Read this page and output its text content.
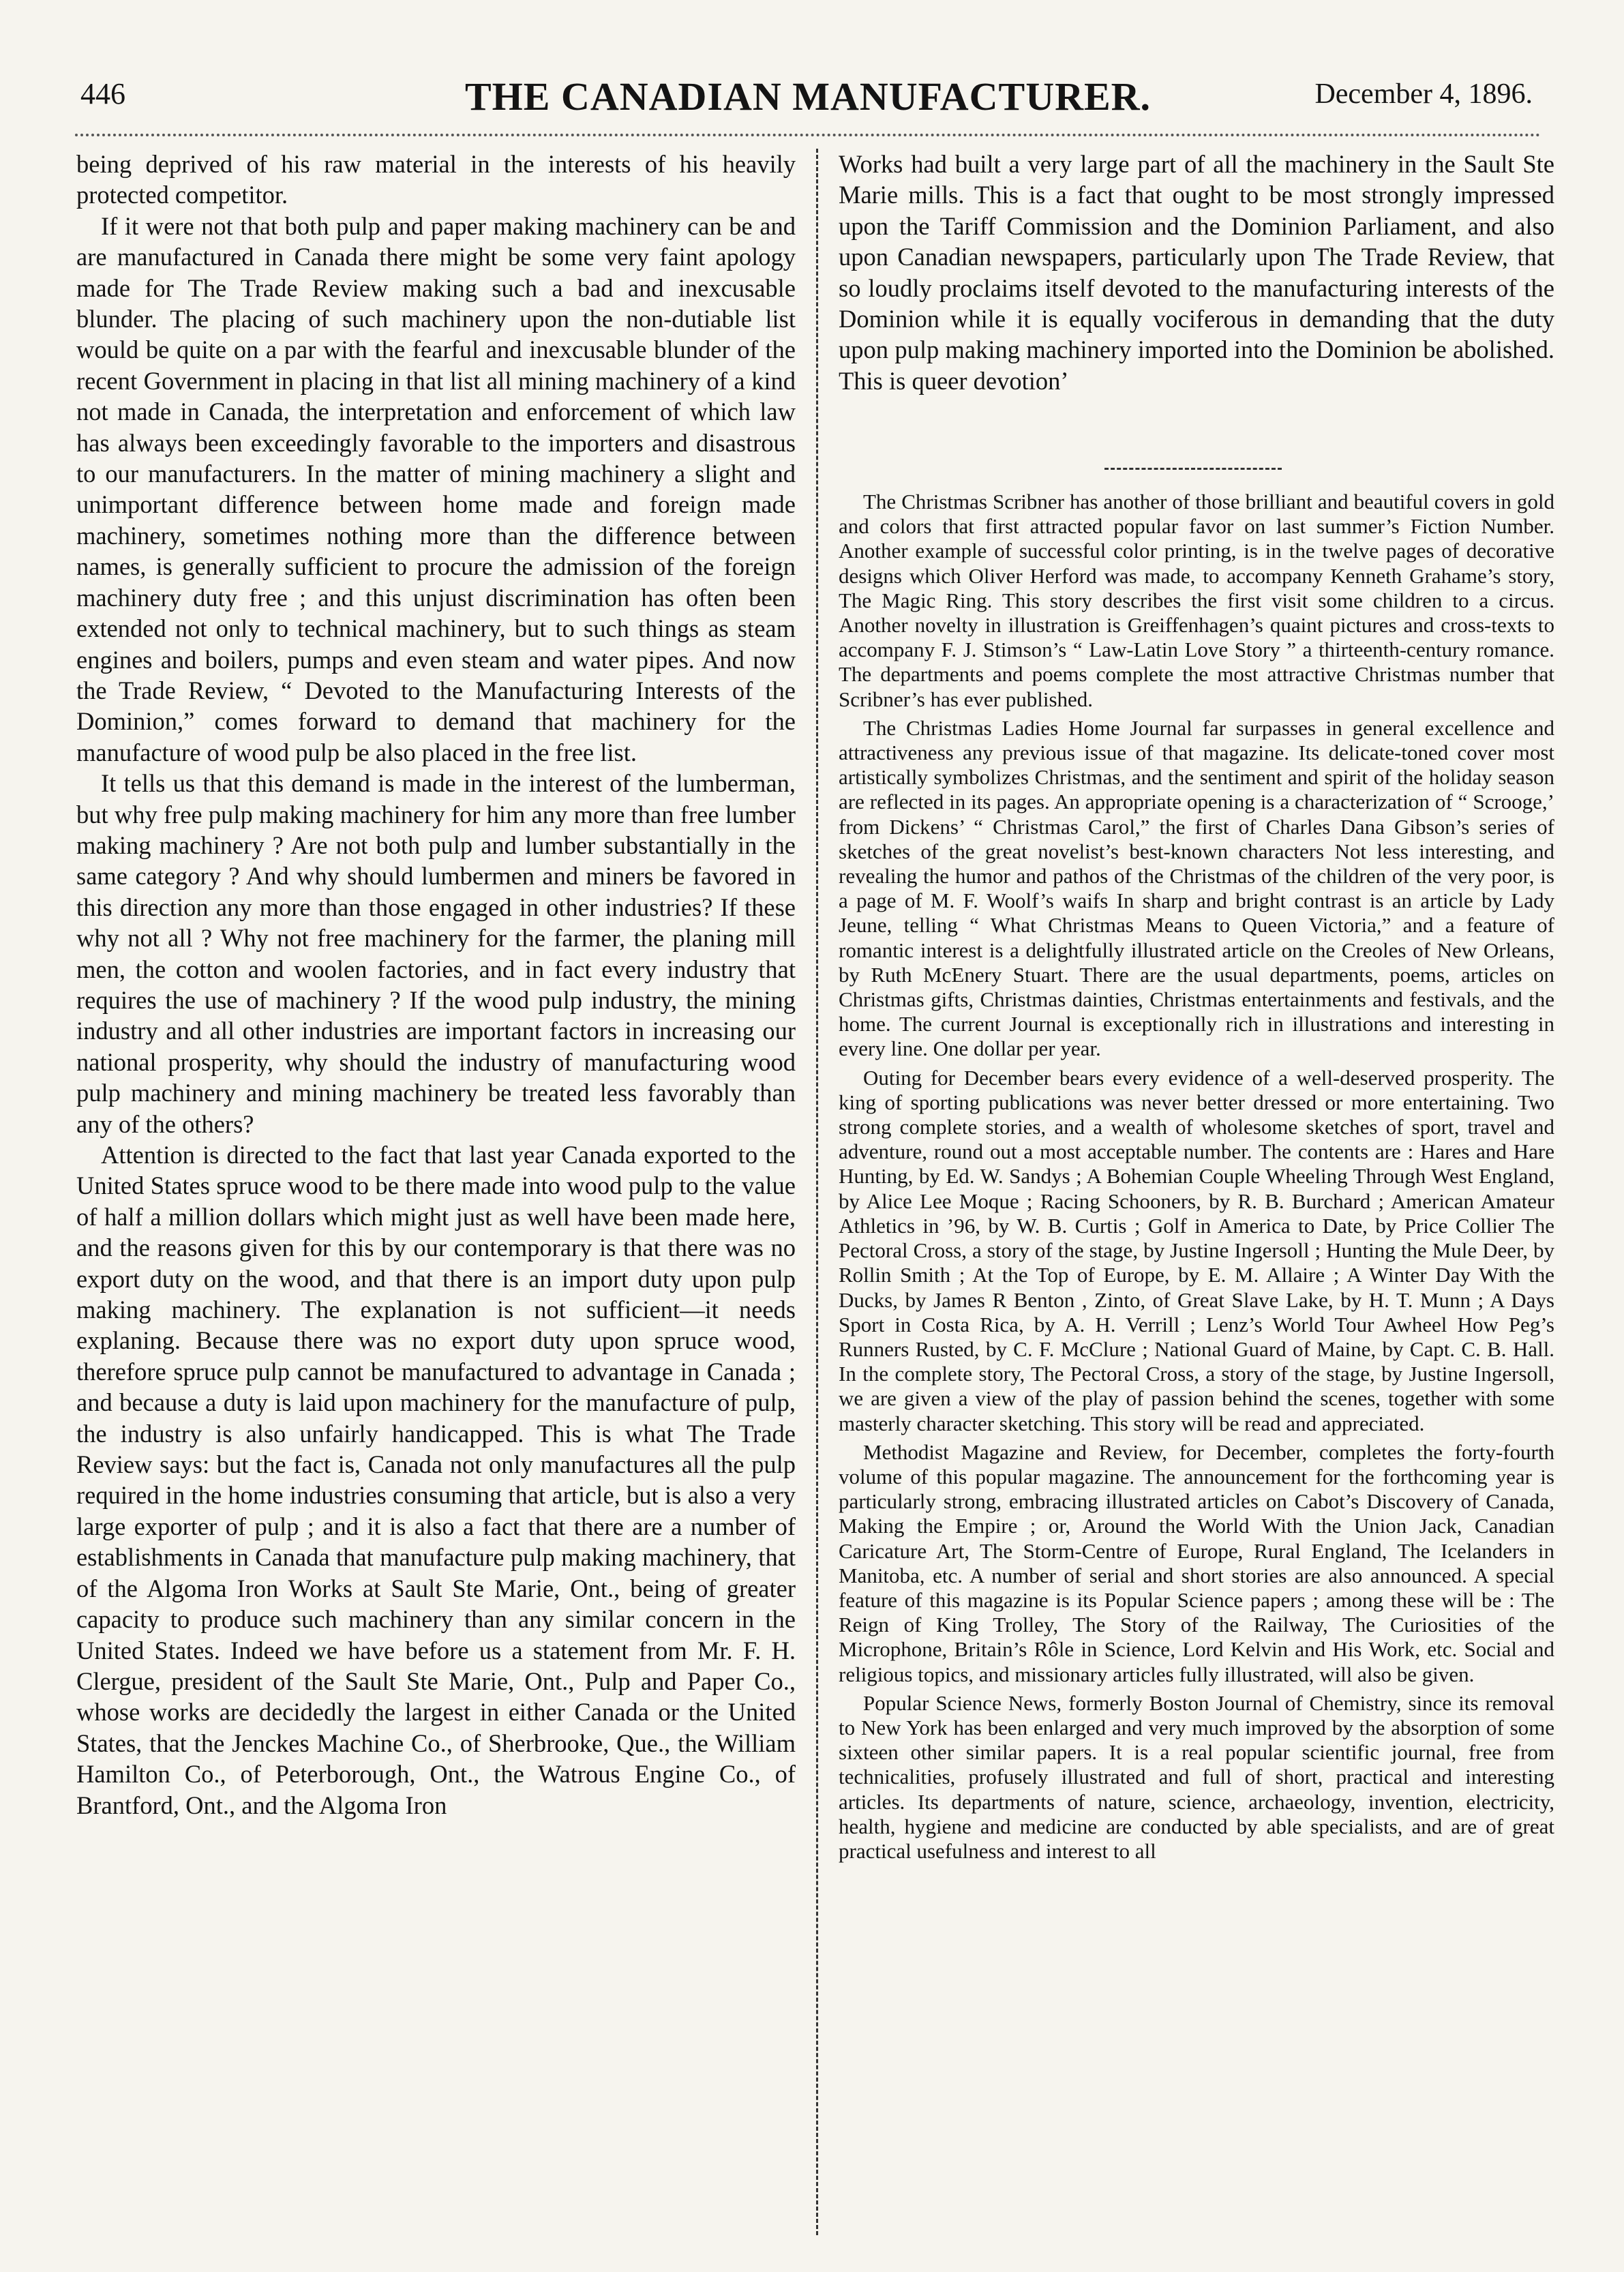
446	THE CANADIAN MANUFACTURER.	December 4, 1896.

being deprived of his raw material in the interests of his heavily protected competitor.

If it were not that both pulp and paper making machinery can be and are manufactured in Canada there might be some very faint apology made for The Trade Review making such a bad and inexcusable blunder. The placing of such machinery upon the non-dutiable list would be quite on a par with the fearful and inexcusable blunder of the recent Government in placing in that list all mining machinery of a kind not made in Canada, the interpretation and enforcement of which law has always been exceedingly favorable to the importers and disastrous to our manufacturers. In the matter of mining machinery a slight and unimportant difference between home made and foreign made machinery, sometimes nothing more than the difference between names, is generally sufficient to procure the admission of the foreign machinery duty free ; and this unjust discrimination has often been extended not only to technical machinery, but to such things as steam engines and boilers, pumps and even steam and water pipes. And now the Trade Review, “ Devoted to the Manufacturing Interests of the Dominion,” comes forward to demand that machinery for the manufacture of wood pulp be also placed in the free list.

It tells us that this demand is made in the interest of the lumberman, but why free pulp making machinery for him any more than free lumber making machinery ? Are not both pulp and lumber substantially in the same category ? And why should lumbermen and miners be favored in this direction any more than those engaged in other industries? If these why not all ? Why not free machinery for the farmer, the planing mill men, the cotton and woolen factories, and in fact every industry that requires the use of machinery ? If the wood pulp industry, the mining industry and all other industries are important factors in increasing our national prosperity, why should the industry of manufacturing wood pulp machinery and mining machinery be treated less favorably than any of the others?

Attention is directed to the fact that last year Canada exported to the United States spruce wood to be there made into wood pulp to the value of half a million dollars which might just as well have been made here, and the reasons given for this by our contemporary is that there was no export duty on the wood, and that there is an import duty upon pulp making machinery. The explanation is not sufficient—it needs explaning. Because there was no export duty upon spruce wood, therefore spruce pulp cannot be manufactured to advantage in Canada ; and because a duty is laid upon machinery for the manufacture of pulp, the industry is also unfairly handicapped. This is what The Trade Review says: but the fact is, Canada not only manufactures all the pulp required in the home industries consuming that article, but is also a very large exporter of pulp ; and it is also a fact that there are a number of establishments in Canada that manufacture pulp making machinery, that of the Algoma Iron Works at Sault Ste Marie, Ont., being of greater capacity to produce such machinery than any similar concern in the United States. Indeed we have before us a statement from Mr. F. H. Clergue, president of the Sault Ste Marie, Ont., Pulp and Paper Co., whose works are decidedly the largest in either Canada or the United States, that the Jenckes Machine Co., of Sherbrooke, Que., the William Hamilton Co., of Peterborough, Ont., the Watrous Engine Co., of Brantford, Ont., and the Algoma Iron

Works had built a very large part of all the machinery in the Sault Ste Marie mills. This is a fact that ought to be most strongly impressed upon the Tariff Commission and the Dominion Parliament, and also upon Canadian newspapers, particularly upon The Trade Review, that so loudly proclaims itself devoted to the manufacturing interests of the Dominion while it is equally vociferous in demanding that the duty upon pulp making machinery imported into the Dominion be abolished. This is queer devotion’

The Christmas Scribner has another of those brilliant and beautiful covers in gold and colors that first attracted popular favor on last summer’s Fiction Number. Another example of successful color printing, is in the twelve pages of decorative designs which Oliver Herford was made, to accompany Kenneth Grahame’s story, The Magic Ring. This story describes the first visit some children to a circus. Another novelty in illustration is Greiffenhagen’s quaint pictures and cross-texts to accompany F. J. Stimson’s “ Law-Latin Love Story ” a thirteenth-century romance. The departments and poems complete the most attractive Christmas number that Scribner’s has ever published.

The Christmas Ladies Home Journal far surpasses in general excellence and attractiveness any previous issue of that magazine. Its delicate-toned cover most artistically symbolizes Christmas, and the sentiment and spirit of the holiday season are reflected in its pages. An appropriate opening is a characterization of “ Scrooge,’ from Dickens’ “ Christmas Carol,” the first of Charles Dana Gibson’s series of sketches of the great novelist’s best-known characters Not less interesting, and revealing the humor and pathos of the Christmas of the children of the very poor, is a page of M. F. Woolf’s waifs In sharp and bright contrast is an article by Lady Jeune, telling “ What Christmas Means to Queen Victoria,” and a feature of romantic interest is a delightfully illustrated article on the Creoles of New Orleans, by Ruth McEnery Stuart. There are the usual departments, poems, articles on Christmas gifts, Christmas dainties, Christmas entertainments and festivals, and the home. The current Journal is exceptionally rich in illustrations and interesting in every line. One dollar per year.

Outing for December bears every evidence of a well-deserved prosperity. The king of sporting publications was never better dressed or more entertaining. Two strong complete stories, and a wealth of wholesome sketches of sport, travel and adventure, round out a most acceptable number. The contents are : Hares and Hare Hunting, by Ed. W. Sandys ; A Bohemian Couple Wheeling Through West England, by Alice Lee Moque ; Racing Schooners, by R. B. Burchard ; American Amateur Athletics in ’96, by W. B. Curtis ; Golf in America to Date, by Price Collier The Pectoral Cross, a story of the stage, by Justine Ingersoll ; Hunting the Mule Deer, by Rollin Smith ; At the Top of Europe, by E. M. Allaire ; A Winter Day With the Ducks, by James R Benton , Zinto, of Great Slave Lake, by H. T. Munn ; A Days Sport in Costa Rica, by A. H. Verrill ; Lenz’s World Tour Awheel How Peg’s Runners Rusted, by C. F. McClure ; National Guard of Maine, by Capt. C. B. Hall. In the complete story, The Pectoral Cross, a story of the stage, by Justine Ingersoll, we are given a view of the play of passion behind the scenes, together with some masterly character sketching. This story will be read and appreciated.

Methodist Magazine and Review, for December, completes the forty-fourth volume of this popular magazine. The announcement for the forthcoming year is particularly strong, embracing illustrated articles on Cabot’s Discovery of Canada, Making the Empire ; or, Around the World With the Union Jack, Canadian Caricature Art, The Storm-Centre of Europe, Rural England, The Icelanders in Manitoba, etc. A number of serial and short stories are also announced. A special feature of this magazine is its Popular Science papers ; among these will be : The Reign of King Trolley, The Story of the Railway, The Curiosities of the Microphone, Britain’s Rôle in Science, Lord Kelvin and His Work, etc. Social and religious topics, and missionary articles fully illustrated, will also be given.

Popular Science News, formerly Boston Journal of Chemistry, since its removal to New York has been enlarged and very much improved by the absorption of some sixteen other similar papers. It is a real popular scientific journal, free from technicalities, profusely illustrated and full of short, practical and interesting articles. Its departments of nature, science, archaeology, invention, electricity, health, hygiene and medicine are conducted by able specialists, and are of great practical usefulness and interest to all
